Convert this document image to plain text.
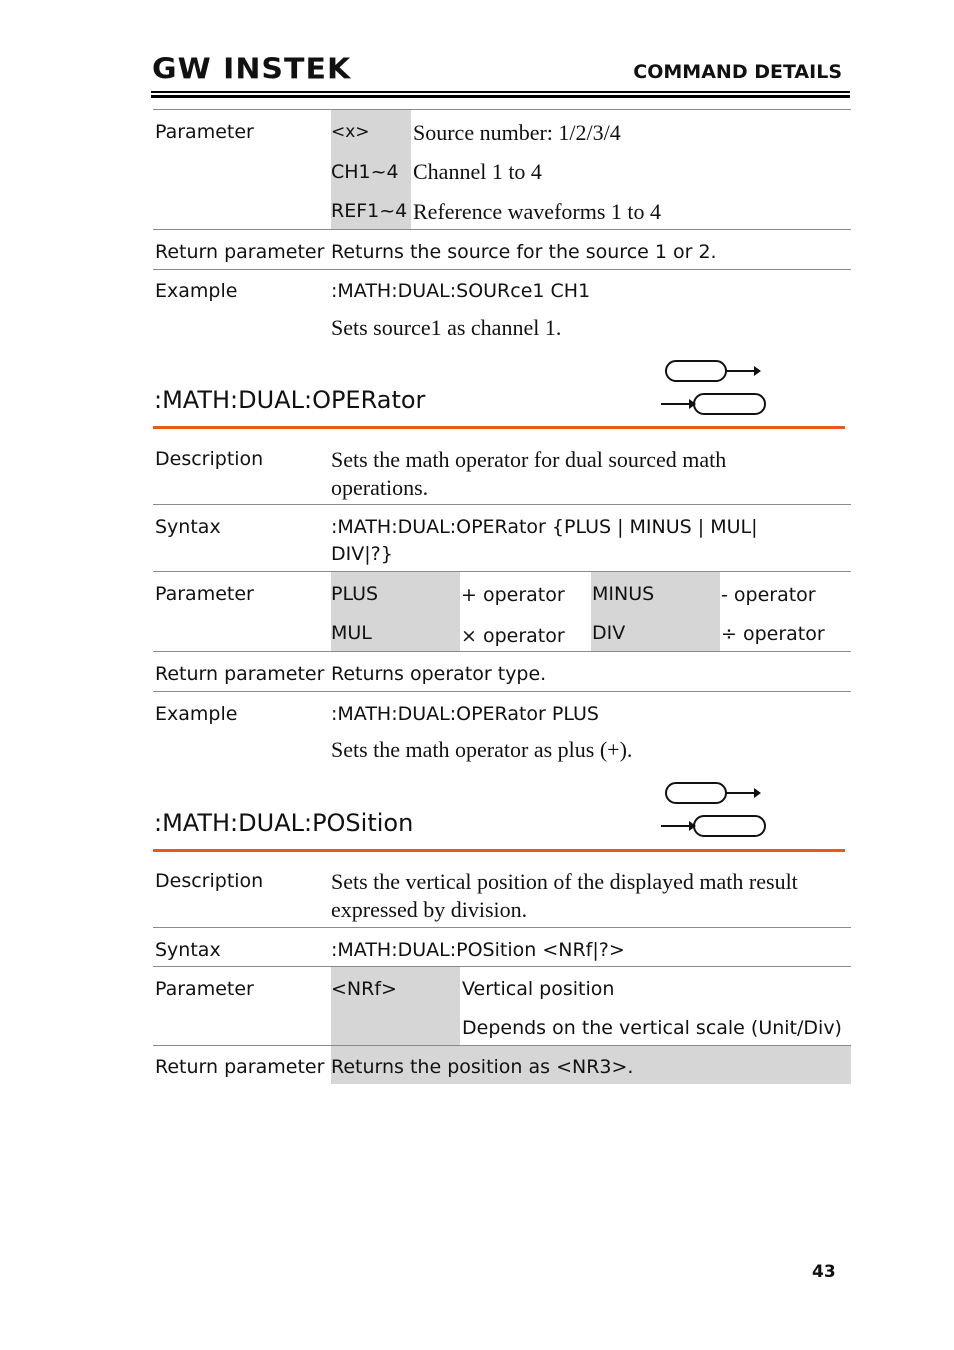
GW INSTEK	COMMAND DETAILS
Parameter	<x> Source number: 1/2/3/4
CH1~4 Channel 1 to 4
REF1~4 Reference waveforms 1 to 4
Return parameter Returns the source for the source 1 or 2.
Example	:MATH:DUAL:SOURce1 CH1
Sets source1 as channel 1.
:MATH:DUAL:OPERator
Description	Sets the math operator for dual sourced math operations.
Syntax	:MATH:DUAL:OPERator {PLUS | MINUS | MUL|
DIV|?}
Parameter	PLUS	+ operator MINUS	- operator
MUL	× operator DIV	÷ operator
Return parameter Returns operator type.
Example	:MATH:DUAL:OPERator PLUS
Sets the math operator as plus (+).
:MATH:DUAL:POSition
Description	Sets the vertical position of the displayed math result expressed by division.
Syntax	:MATH:DUAL:POSition <NRf|?>
Parameter	<NRf>	Vertical position
Depends on the vertical scale (Unit/Div)
Return parameter Returns the position as <NR3>.
43
